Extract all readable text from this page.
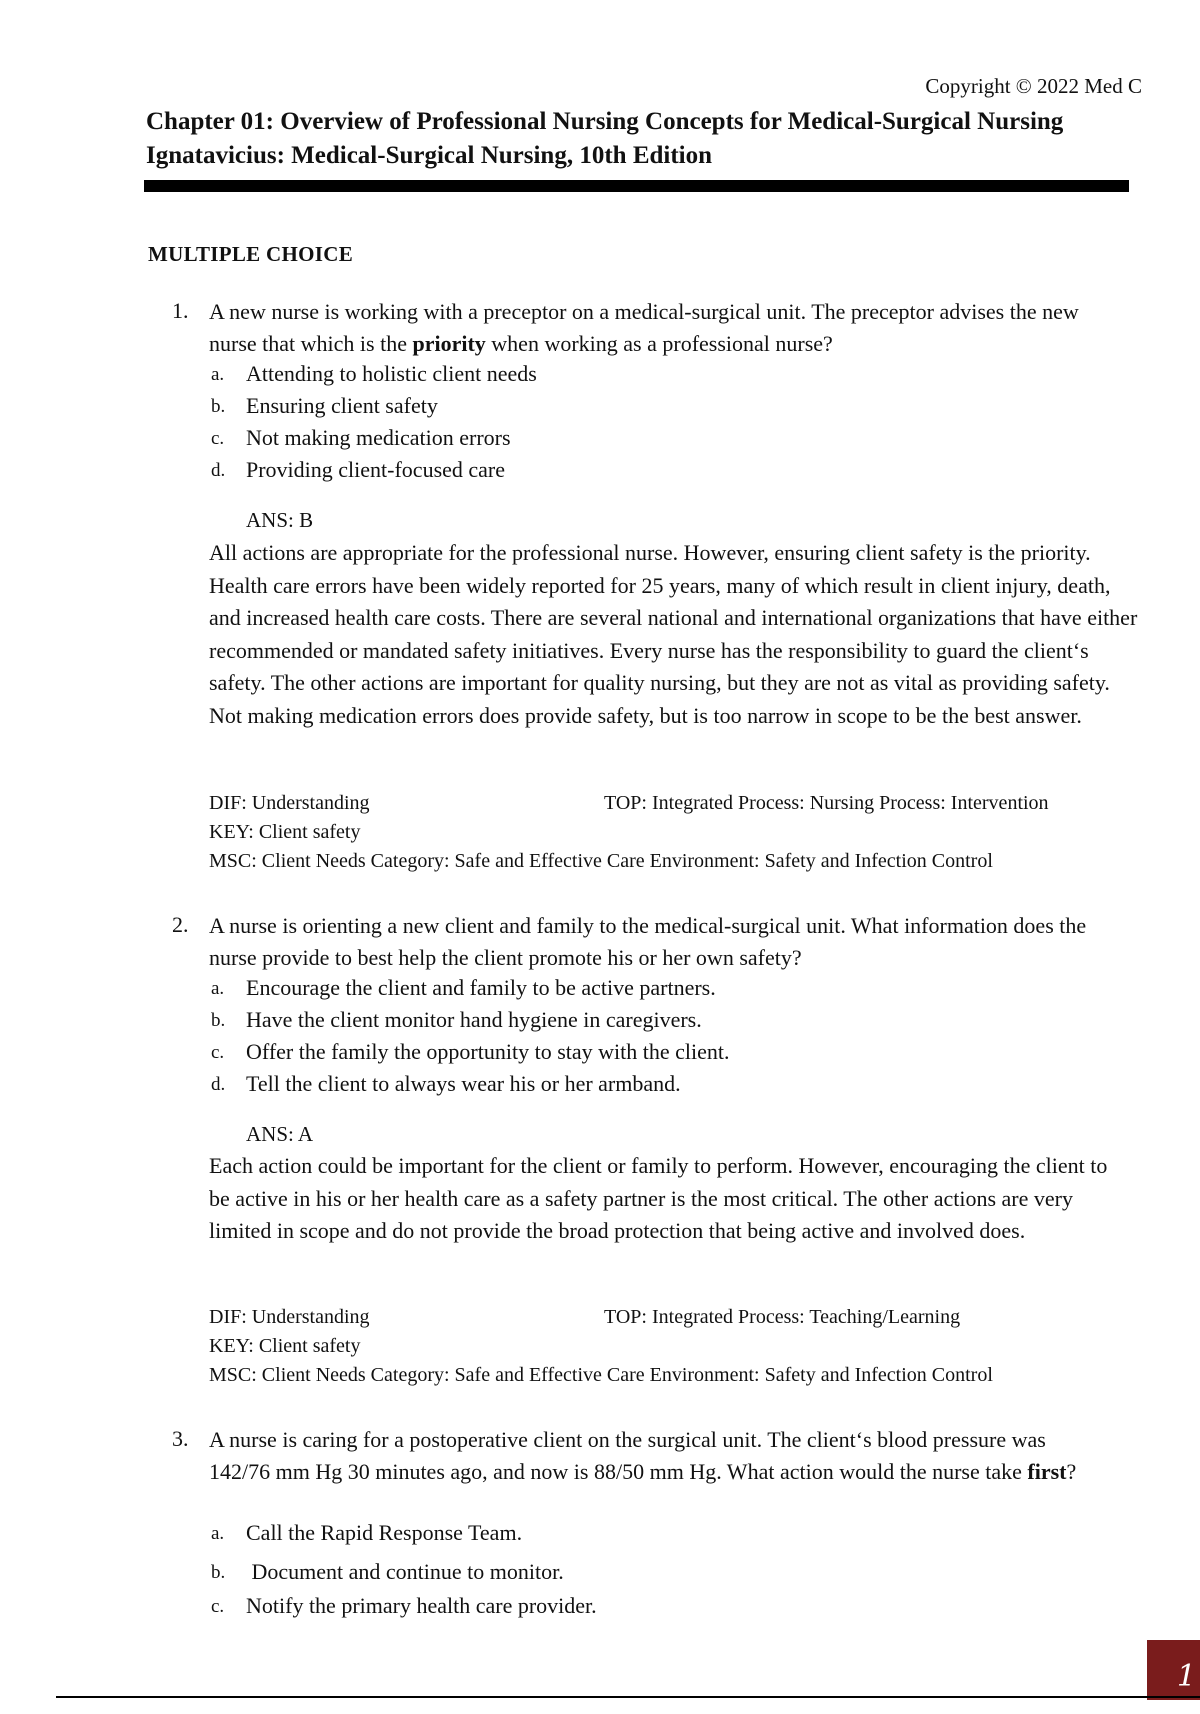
Copyright © 2022 Med C
Chapter 01: Overview of Professional Nursing Concepts for Medical-Surgical Nursing
Ignatavicius: Medical-Surgical Nursing, 10th Edition
MULTIPLE CHOICE
1. A new nurse is working with a preceptor on a medical-surgical unit. The preceptor advises the new nurse that which is the priority when working as a professional nurse?
a. Attending to holistic client needs
b. Ensuring client safety
c. Not making medication errors
d. Providing client-focused care
ANS: B
All actions are appropriate for the professional nurse. However, ensuring client safety is the priority. Health care errors have been widely reported for 25 years, many of which result in client injury, death, and increased health care costs. There are several national and international organizations that have either recommended or mandated safety initiatives. Every nurse has the responsibility to guard the client‘s safety. The other actions are important for quality nursing, but they are not as vital as providing safety. Not making medication errors does provide safety, but is too narrow in scope to be the best answer.
DIF: Understanding	TOP: Integrated Process: Nursing Process: Intervention
KEY: Client safety
MSC: Client Needs Category: Safe and Effective Care Environment: Safety and Infection Control
2. A nurse is orienting a new client and family to the medical-surgical unit. What information does the nurse provide to best help the client promote his or her own safety?
a. Encourage the client and family to be active partners.
b. Have the client monitor hand hygiene in caregivers.
c. Offer the family the opportunity to stay with the client.
d. Tell the client to always wear his or her armband.
ANS: A
Each action could be important for the client or family to perform. However, encouraging the client to be active in his or her health care as a safety partner is the most critical. The other actions are very limited in scope and do not provide the broad protection that being active and involved does.
DIF: Understanding	TOP: Integrated Process: Teaching/Learning
KEY: Client safety
MSC: Client Needs Category: Safe and Effective Care Environment: Safety and Infection Control
3. A nurse is caring for a postoperative client on the surgical unit. The client‘s blood pressure was 142/76 mm Hg 30 minutes ago, and now is 88/50 mm Hg. What action would the nurse take first?
a. Call the Rapid Response Team.
b. Document and continue to monitor.
c. Notify the primary health care provider.
1
